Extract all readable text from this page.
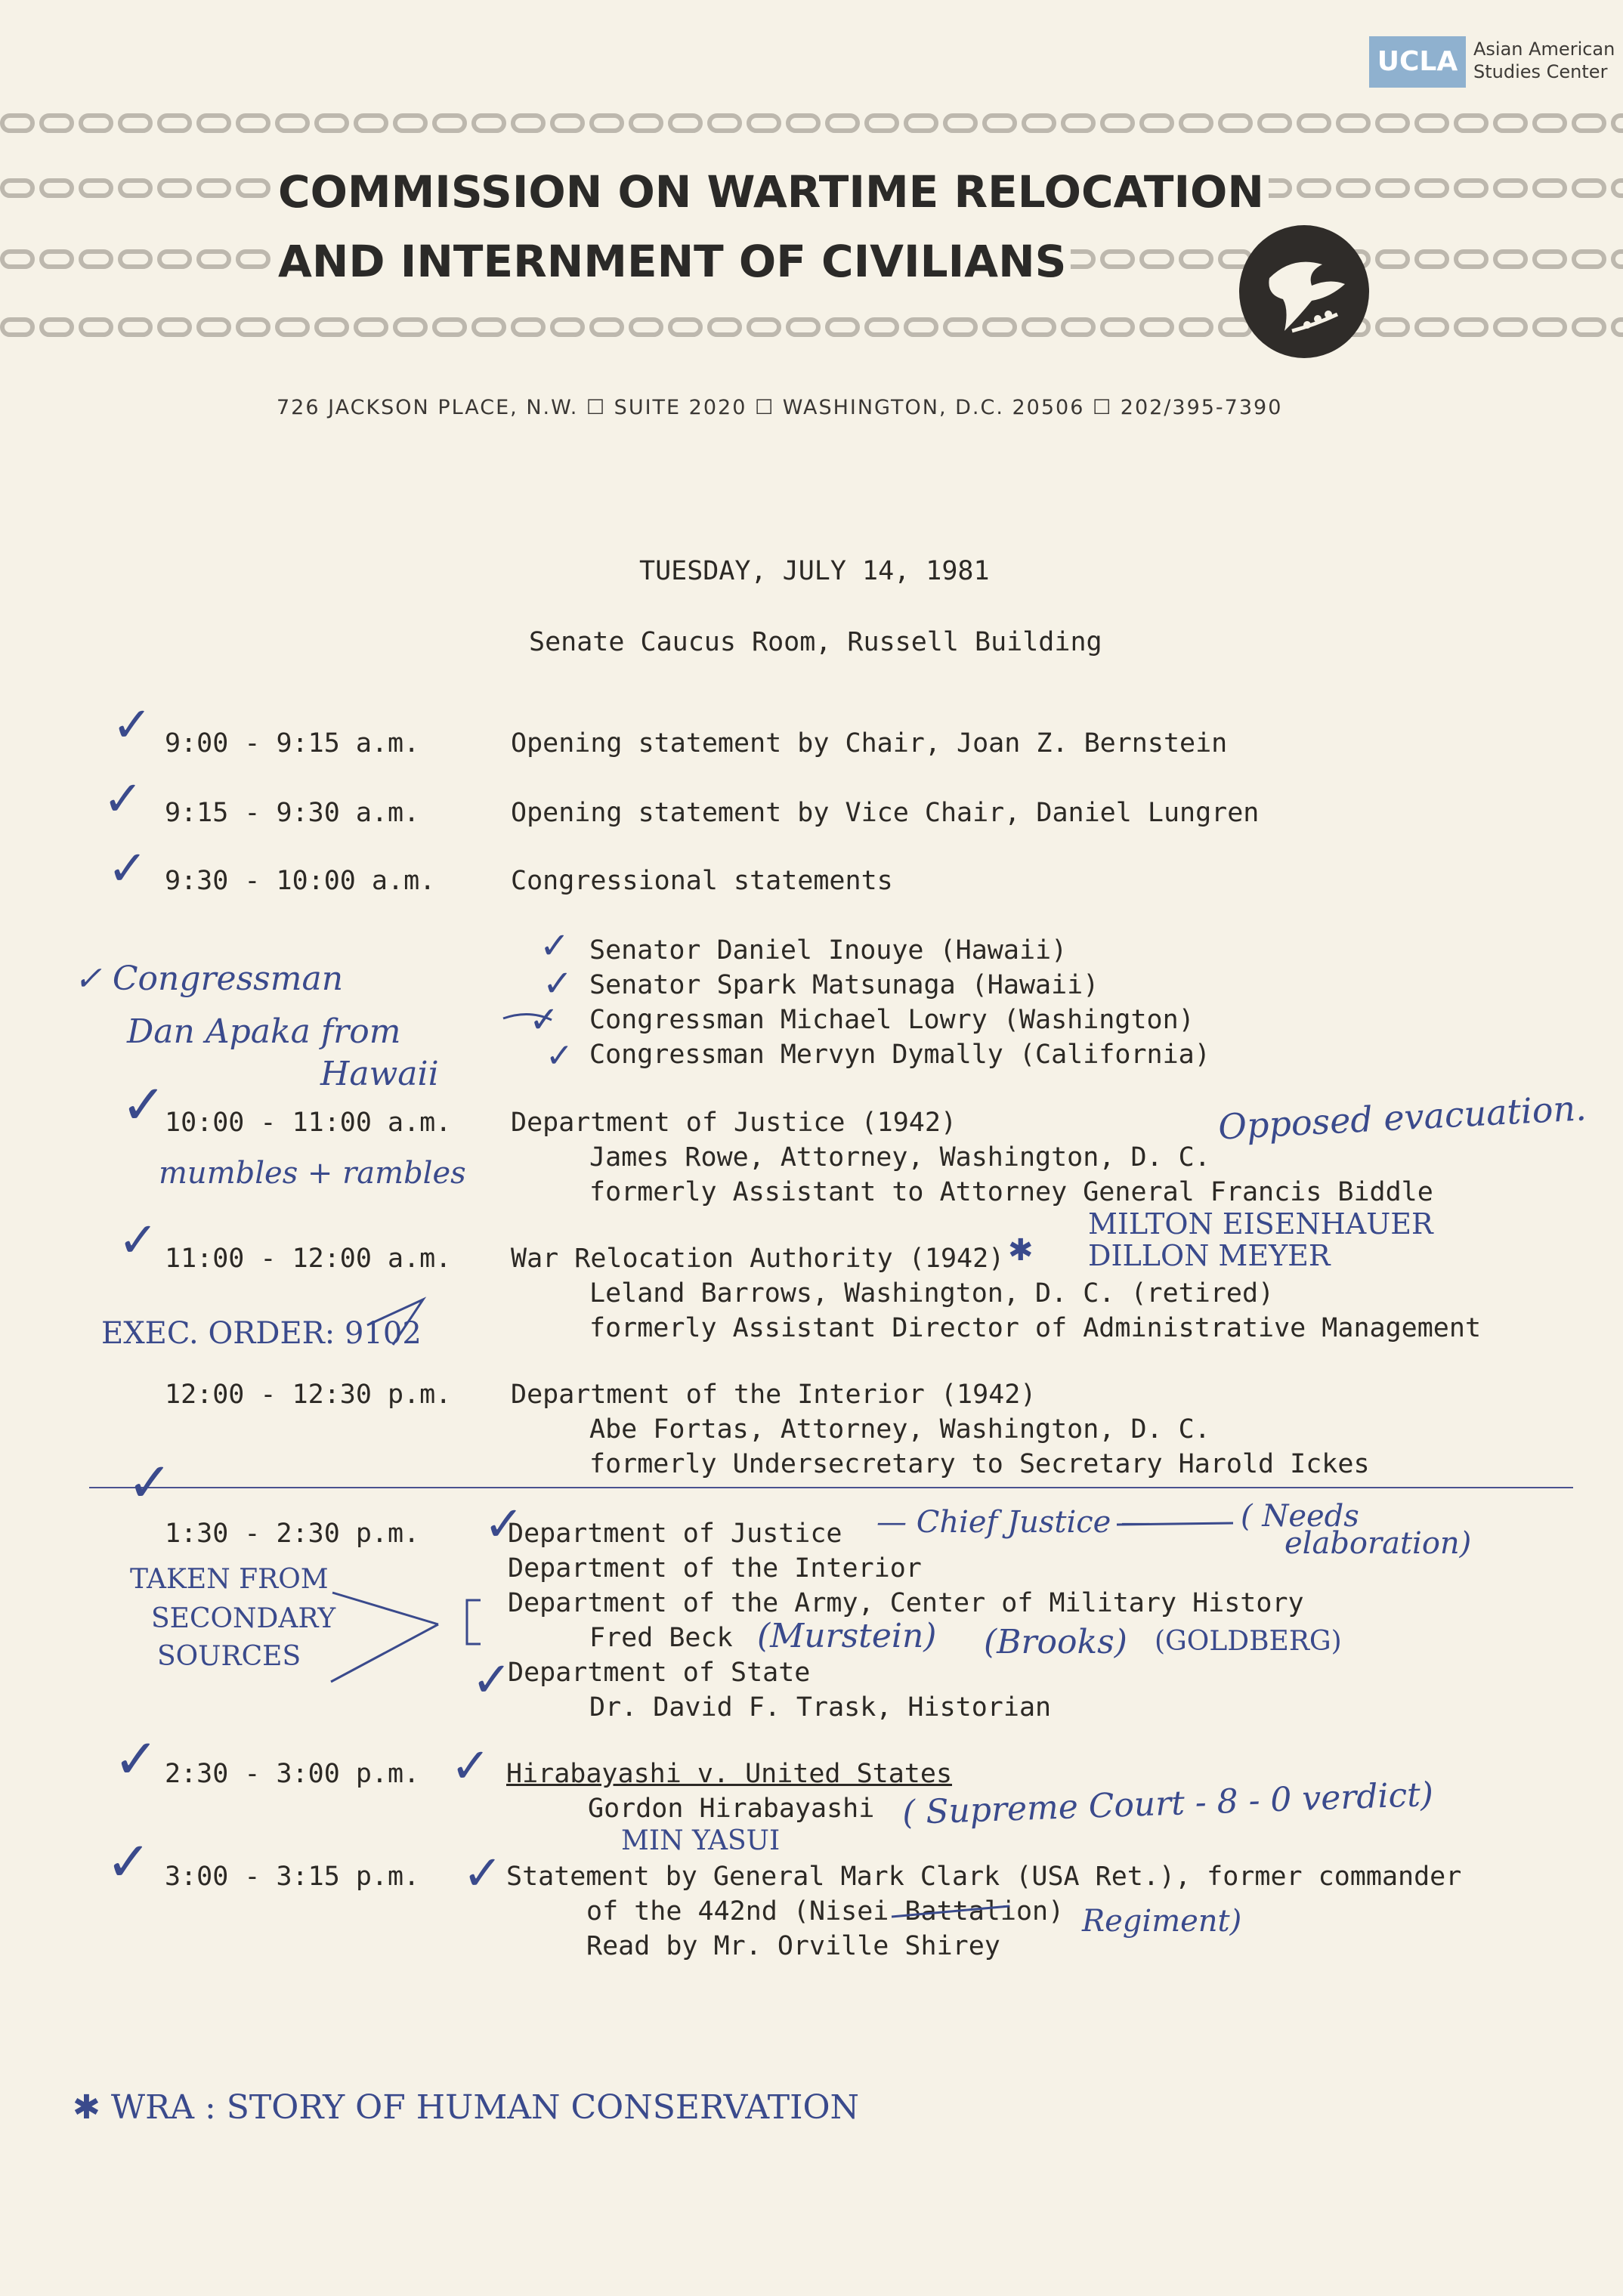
UCLA Asian American
Studies Center
COMMISSION ON WARTIME RELOCATION
AND INTERNMENT OF CIVILIANS
726 JACKSON PLACE, N.W. ☐ SUITE 2020 ☐ WASHINGTON, D.C. 20506 ☐ 202/395-7390
TUESDAY, JULY 14, 1981
Senate Caucus Room, Russell Building
9:00 - 9:15 a.m.	Opening statement by Chair, Joan Z. Bernstein
9:15 - 9:30 a.m.	Opening statement by Vice Chair, Daniel Lungren
9:30 - 10:00 a.m.	Congressional statements
Senator Daniel Inouye (Hawaii)
Senator Spark Matsunaga (Hawaii)
Congressman Michael Lowry (Washington)
Congressman Mervyn Dymally (California)
10:00 - 11:00 a.m. Department of Justice (1942)
James Rowe, Attorney, Washington, D. C.
formerly Assistant to Attorney General Francis Biddle
11:00 - 12:00 a.m. War Relocation Authority (1942)
Leland Barrows, Washington, D. C. (retired)
formerly Assistant Director of Administrative Management
12:00 - 12:30 p.m. Department of the Interior (1942)
Abe Fortas, Attorney, Washington, D. C.
formerly Undersecretary to Secretary Harold Ickes
1:30 - 2:30 p.m.	Department of Justice
Department of the Interior
Department of the Army, Center of Military History
Fred Beck
Department of State
Dr. David F. Trask, Historian
2:30 - 3:00 p.m.	Hirabayashi v. United States
Gordon Hirabayashi
3:00 - 3:15 p.m.	Statement by General Mark Clark (USA Ret.), former commander
of the 442nd (Nisei Battalion)
Read by Mr. Orville Shirey
✓
✓
✓
✓
✓
✓
✓
✓
✓
✓
✓
✓
✓	✓
✓	✓
✓ Congressman
Dan Apaka from
Hawaii
mumbles + rambles
Opposed evacuation.
MILTON EISENHAUER
DILLON MEYER
✱
EXEC. ORDER: 9102
— Chief Justice —	( Needs
elaboration)
TAKEN FROM
SECONDARY
SOURCES
(Murstein) (Brooks) (GOLDBERG)
( Supreme Court - 8 - 0 verdict)
MIN YASUI
Regiment)
✱ WRA : STORY OF HUMAN CONSERVATION
